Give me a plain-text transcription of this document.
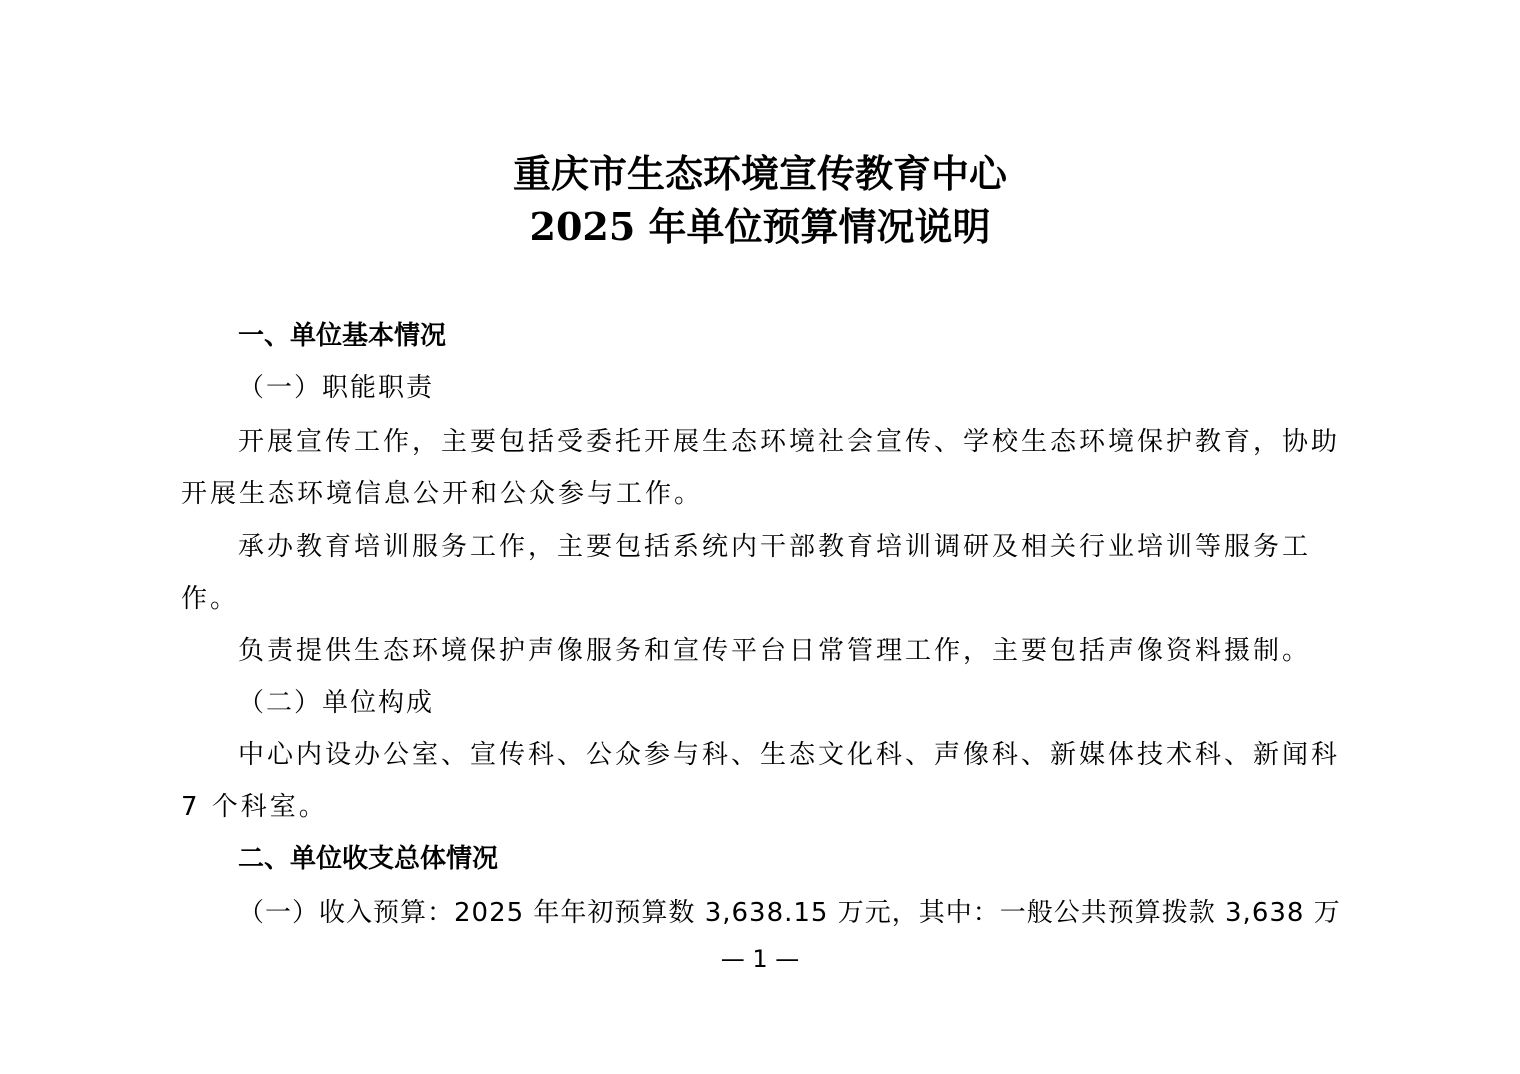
重庆市生态环境宣传教育中心
2025 年单位预算情况说明
一、单位基本情况
（一）职能职责
开展宣传工作，主要包括受委托开展生态环境社会宣传、学校生态环境保护教育，协助
开展生态环境信息公开和公众参与工作。
承办教育培训服务工作，主要包括系统内干部教育培训调研及相关行业培训等服务工
作。
负责提供生态环境保护声像服务和宣传平台日常管理工作，主要包括声像资料摄制。
（二）单位构成
中心内设办公室、宣传科、公众参与科、生态文化科、声像科、新媒体技术科、新闻科
7 个科室。
二、单位收支总体情况
（一）收入预算：2025 年年初预算数 3,638.15 万元，其中：一般公共预算拨款 3,638 万
— 1 —
